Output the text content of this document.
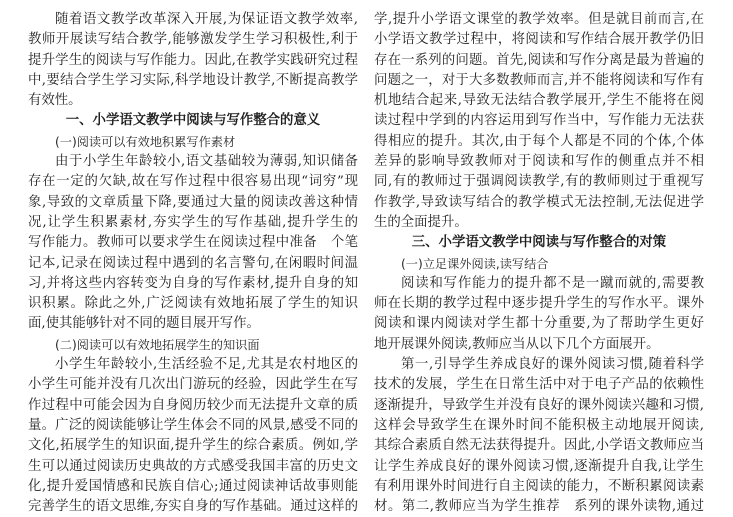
随着语文教学改革深入开展,为保证语文教学效率,
教师开展读写结合教学,能够激发学生学习积极性,利于
提升学生的阅读与写作能力。因此,在教学实践研究过程
中,要结合学生学习实际,科学地设计教学,不断提高教学
有效性。
一、小学语文教学中阅读与写作整合的意义
(一)阅读可以有效地积累写作素材
由于小学生年龄较小,语文基础较为薄弱,知识储备
存在一定的欠缺,故在写作过程中很容易出现“词穷”现
象,导致的文章质量下降,要通过大量的阅读改善这种情
况,让学生积累素材,夯实学生的写作基础,提升学生的
写作能力。教师可以要求学生在阅读过程中准备　个笔
记本,记录在阅读过程中遇到的名言警句,在闲暇时间温
习,并将这些内容转变为自身的写作素材,提升自身的知
识积累。除此之外,广泛阅读有效地拓展了学生的知识
面,使其能够针对不同的题目展开写作。
(二)阅读可以有效地拓展学生的知识面
小学生年龄较小,生活经验不足,尤其是农村地区的
小学生可能并没有几次出门游玩的经验，因此学生在写
作过程中可能会因为自身阅历较少而无法提升文章的质
量。广泛的阅读能够让学生体会不同的风景,感受不同的
文化,拓展学生的知识面,提升学生的综合素质。例如,学
生可以通过阅读历史典故的方式感受我国丰富的历史文
化,提升爱国情感和民族自信心;通过阅读神话故事则能
完善学生的语文思维,夯实自身的写作基础。通过这样的
学,提升小学语文课堂的教学效率。但是就目前而言,在
小学语文教学过程中，将阅读和写作结合展开教学仍旧
存在一系列的问题。首先,阅读和写作分离是最为普遍的
问题之一，对于大多数教师而言,并不能将阅读和写作有
机地结合起来,导致无法结合教学展开,学生不能将在阅
读过程中学到的内容运用到写作当中，写作能力无法获
得相应的提升。其次,由于每个人都是不同的个体,个体
差异的影响导致教师对于阅读和写作的侧重点并不相
同,有的教师过于强调阅读教学,有的教师则过于重视写
作教学,导致读写结合的教学模式无法控制,无法促进学
生的全面提升。
三、小学语文教学中阅读与写作整合的对策
(一)立足课外阅读,读写结合
阅读和写作能力的提升都不是一蹴而就的,需要教
师在长期的教学过程中逐步提升学生的写作水平。课外
阅读和课内阅读对学生都十分重要,为了帮助学生更好
地开展课外阅读,教师应当从以下几个方面展开。
第一,引导学生养成良好的课外阅读习惯,随着科学
技术的发展，学生在日常生活中对于电子产品的依赖性
逐渐提升，导致学生并没有良好的课外阅读兴趣和习惯,
这样会导致学生在课外时间不能积极主动地展开阅读,
其综合素质自然无法获得提升。因此,小学语文教师应当
让学生养成良好的课外阅读习惯,逐渐提升自我,让学生
有利用课外时间进行自主阅读的能力，不断积累阅读素
材。第二,教师应当为学生推荐　系列的课外读物,通过
